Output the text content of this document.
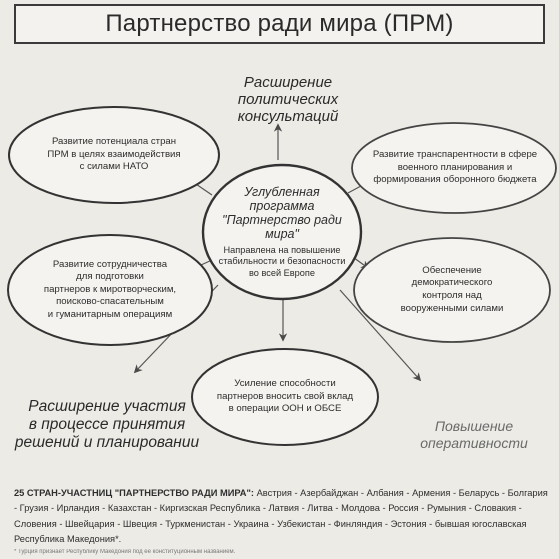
Партнерство ради мира (ПРМ)
Расширение
политических
консультаций
Углубленная
программа
"Партнерство ради мира"
Направлена на повышение
стабильности и безопасности
во всей Европе
Развитие потенциала стран
ПРМ в целях взаимодействия
с силами НАТО
Развитие транспарентности в сфере
военного планирования и
формирования оборонного бюджета
Развитие сотрудничества
для подготовки
партнеров к миротворческим,
поисково-спасательным
и гуманитарным операциям
Обеспечение
демократического
контроля над
вооруженными силами
Усиление способности
партнеров вносить свой вклад
в операции ООН и ОБСЕ
Расширение участия
в процессе принятия
решений и планировании
Повышение
оперативности
25 СТРАН-УЧАСТНИЦ "ПАРТНЕРСТВО РАДИ МИРА": Австрия - Азербайджан - Албания - Армения - Беларусь - Болгария - Грузия - Ирландия - Казахстан - Киргизская Республика - Латвия - Литва - Молдова - Россия - Румыния - Словакия - Словения - Швейцария - Швеция - Туркменистан - Украина - Узбекистан - Финляндия - Эстония - бывшая югославская Республика Македония*.
* Турция признает Республику Македония под ее конституционным названием.
